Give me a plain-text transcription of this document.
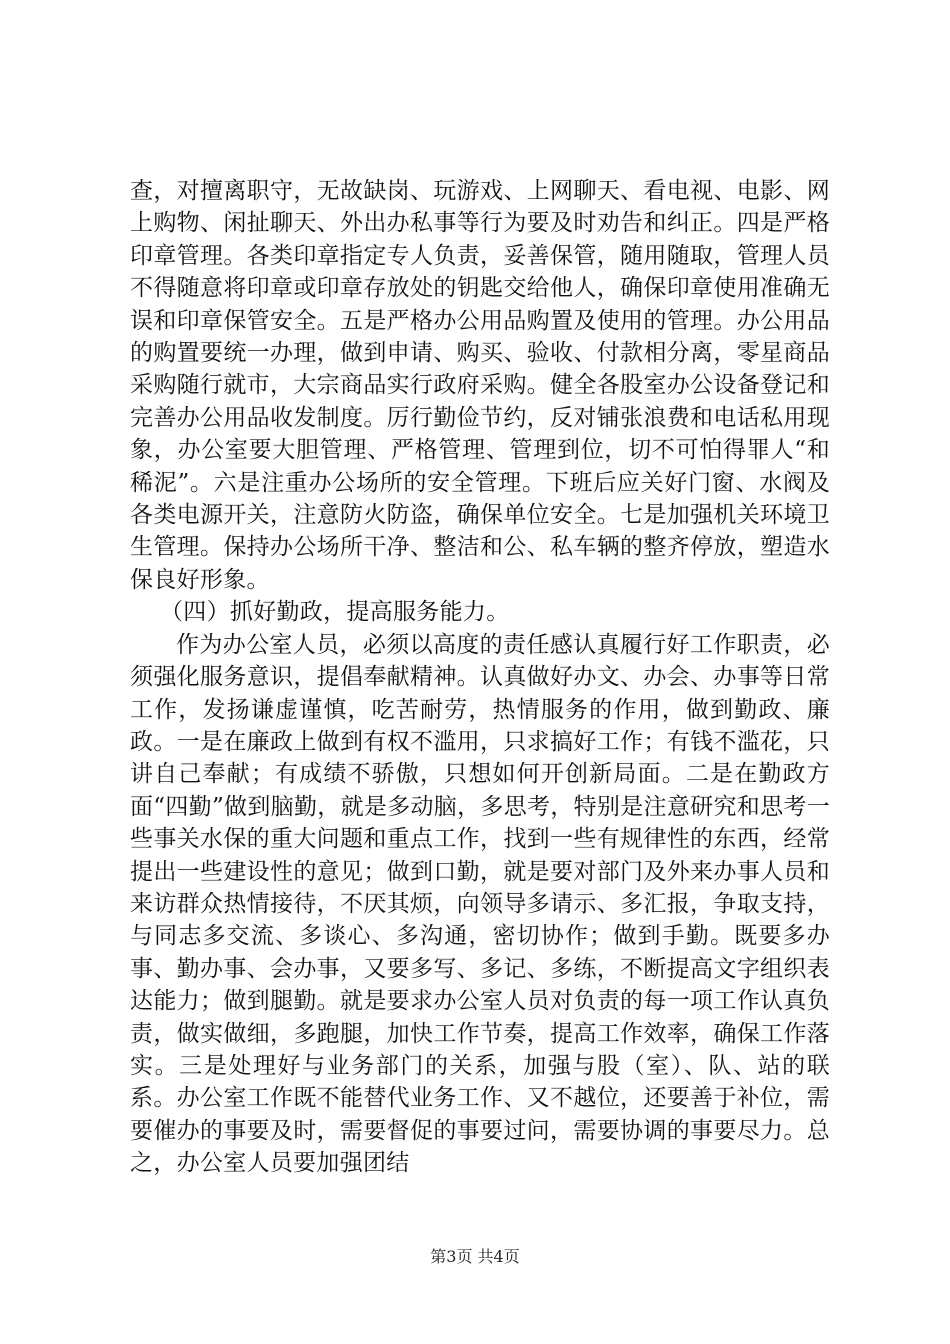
查，对擅离职守，无故缺岗、玩游戏、上网聊天、看电视、电影、网上购物、闲扯聊天、外出办私事等行为要及时劝告和纠正。四是严格印章管理。各类印章指定专人负责，妥善保管，随用随取，管理人员不得随意将印章或印章存放处的钥匙交给他人，确保印章使用准确无误和印章保管安全。五是严格办公用品购置及使用的管理。办公用品的购置要统一办理，做到申请、购买、验收、付款相分离，零星商品采购随行就市，大宗商品实行政府采购。健全各股室办公设备登记和完善办公用品收发制度。厉行勤俭节约，反对铺张浪费和电话私用现象，办公室要大胆管理、严格管理、管理到位，切不可怕得罪人“和稀泥”。六是注重办公场所的安全管理。下班后应关好门窗、水阀及各类电源开关，注意防火防盗，确保单位安全。七是加强机关环境卫生管理。保持办公场所干净、整洁和公、私车辆的整齐停放，塑造水保良好形象。

（四）抓好勤政，提高服务能力。

作为办公室人员，必须以高度的责任感认真履行好工作职责，必须强化服务意识，提倡奉献精神。认真做好办文、办会、办事等日常工作，发扬谦虚谨慎，吃苦耐劳，热情服务的作用，做到勤政、廉政。一是在廉政上做到有权不滥用，只求搞好工作；有钱不滥花，只讲自己奉献；有成绩不骄傲，只想如何开创新局面。二是在勤政方面“四勤”做到脑勤，就是多动脑，多思考，特别是注意研究和思考一些事关水保的重大问题和重点工作，找到一些有规律性的东西，经常提出一些建设性的意见；做到口勤，就是要对部门及外来办事人员和来访群众热情接待，不厌其烦，向领导多请示、多汇报，争取支持，与同志多交流、多谈心、多沟通，密切协作；做到手勤。既要多办事、勤办事、会办事，又要多写、多记、多练，不断提高文字组织表达能力；做到腿勤。就是要求办公室人员对负责的每一项工作认真负责，做实做细，多跑腿，加快工作节奏，提高工作效率，确保工作落实。三是处理好与业务部门的关系，加强与股（室）、队、站的联系。办公室工作既不能替代业务工作、又不越位，还要善于补位，需要催办的事要及时，需要督促的事要过问，需要协调的事要尽力。总之，办公室人员要加强团结

第3页 共4页
